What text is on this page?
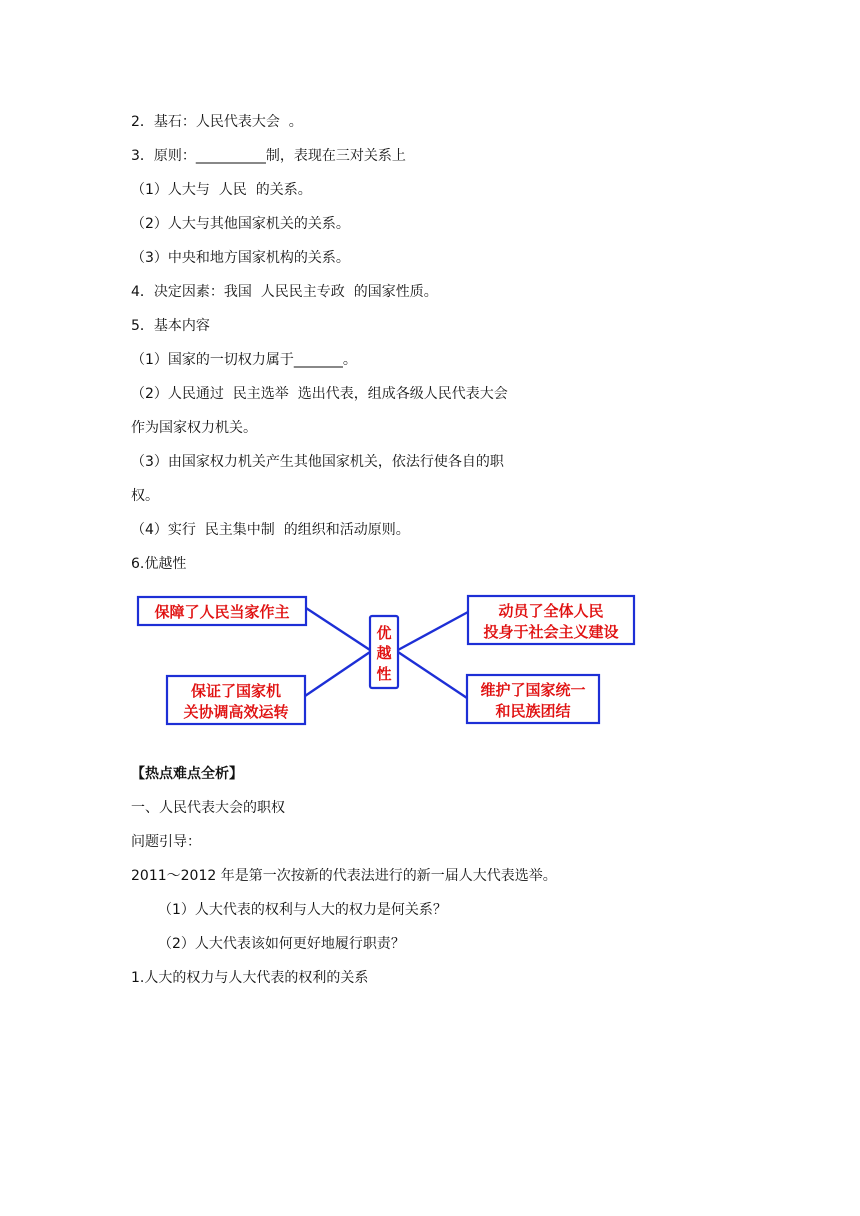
2．基石：人民代表大会  。
3．原则：__________制，表现在三对关系上
（1）人大与  人民  的关系。
（2）人大与其他国家机关的关系。
（3）中央和地方国家机构的关系。
4．决定因素：我国  人民民主专政  的国家性质。
5．基本内容
（1）国家的一切权力属于_______。
（2）人民通过  民主选举  选出代表，组成各级人民代表大会
作为国家权力机关。
（3）由国家权力机关产生其他国家机关，依法行使各自的职
权。
（4）实行  民主集中制  的组织和活动原则。
6.优越性
优
越
性
保障了人民当家作主
保证了国家机
关协调高效运转
动员了全体人民
投身于社会主义建设
维护了国家统一
和民族团结
【热点难点全析】
一、人民代表大会的职权
问题引导：
2011～2012 年是第一次按新的代表法进行的新一届人大代表选举。
（1）人大代表的权利与人大的权力是何关系？
（2）人大代表该如何更好地履行职责？
1.人大的权力与人大代表的权利的关系
